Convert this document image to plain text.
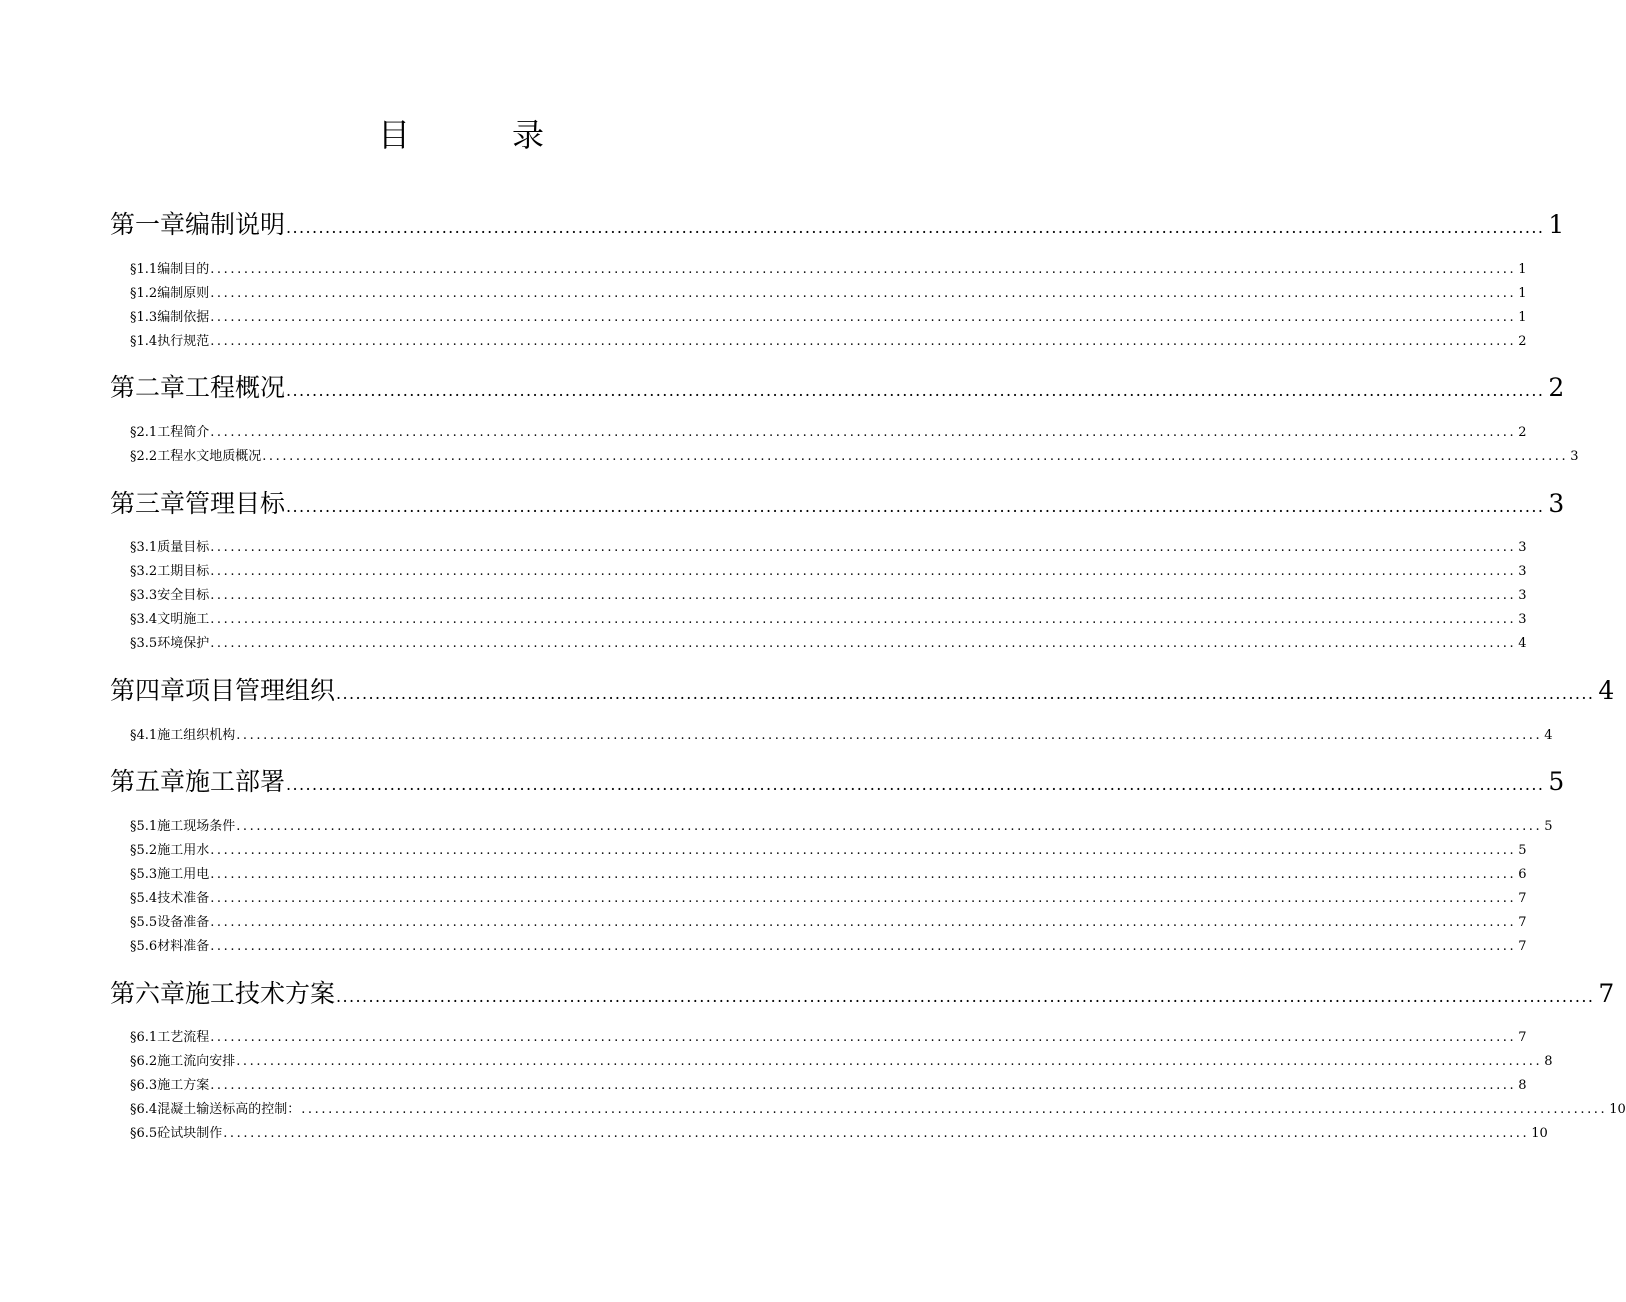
目	录
第一章 编制说明 .................................................................................................................................................................................................. 1
§1.1 编制目的 .................................................................................................................................................................................................. 1
§1.2 编制原则 .................................................................................................................................................................................................. 1
§1.3 编制依据 .................................................................................................................................................................................................. 1
§1.4 执行规范 .................................................................................................................................................................................................. 2
第二章 工程概况 .................................................................................................................................................................................................. 2
§2.1 工程简介 .................................................................................................................................................................................................. 2
§2.2 工程水文地质概况 .................................................................................................................................................................................................. 3
第三章 管理目标 .................................................................................................................................................................................................. 3
§3.1 质量目标 .................................................................................................................................................................................................. 3
§3.2 工期目标 .................................................................................................................................................................................................. 3
§3.3 安全目标 .................................................................................................................................................................................................. 3
§3.4 文明施工 .................................................................................................................................................................................................. 3
§3.5 环境保护 .................................................................................................................................................................................................. 4
第四章 项目管理组织 .................................................................................................................................................................................................. 4
§4.1 施工组织机构 .................................................................................................................................................................................................. 4
第五章 施工部署 .................................................................................................................................................................................................. 5
§5.1 施工现场条件 .................................................................................................................................................................................................. 5
§5.2 施工用水 .................................................................................................................................................................................................. 5
§5.3 施工用电 .................................................................................................................................................................................................. 6
§5.4 技术准备 .................................................................................................................................................................................................. 7
§5.5 设备准备 .................................................................................................................................................................................................. 7
§5.6 材料准备 .................................................................................................................................................................................................. 7
第六章 施工技术方案 .................................................................................................................................................................................................. 7
§6.1 工艺流程 .................................................................................................................................................................................................. 7
§6.2 施工流向安排 .................................................................................................................................................................................................. 8
§6.3 施工方案 .................................................................................................................................................................................................. 8
§6.4 混凝土输送标高的控制： .................................................................................................................................................................................................. 10
§6.5 砼试块制作 .................................................................................................................................................................................................. 10
